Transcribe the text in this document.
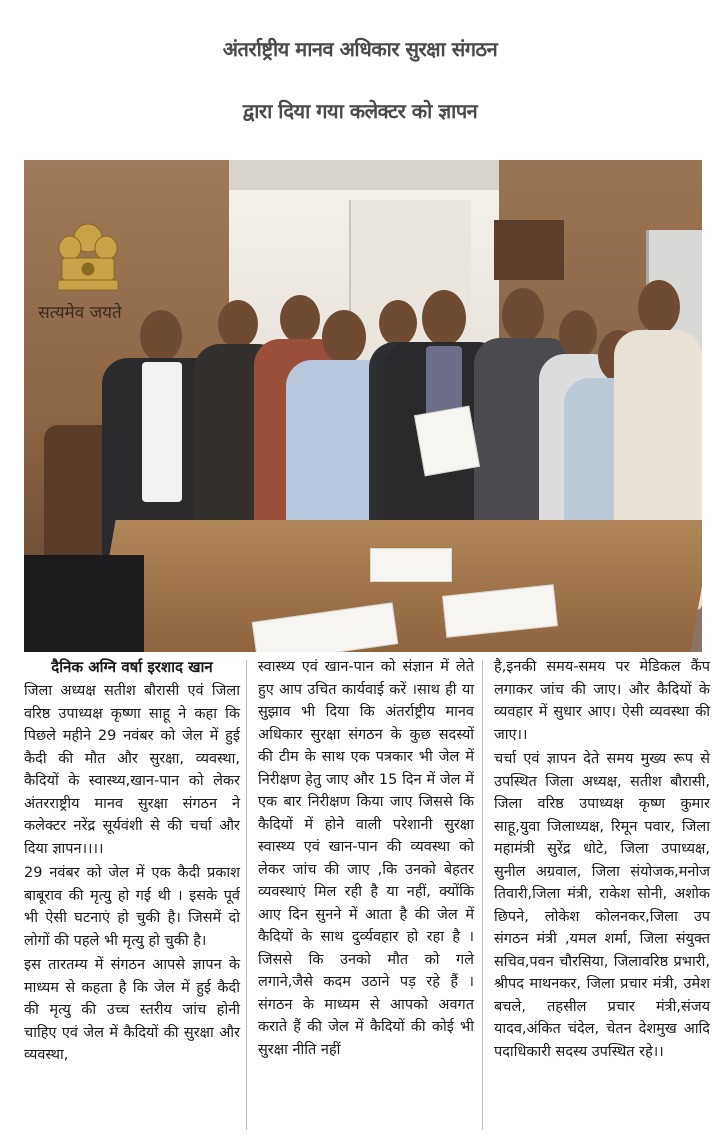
अंतर्राष्ट्रीय मानव अधिकार सुरक्षा संगठन
द्वारा दिया गया कलेक्टर को ज्ञापन
सत्यमेव जयते

दैनिक अग्नि वर्षा इरशाद खान

जिला अध्यक्ष सतीश बौरासी एवं जिला वरिष्ठ उपाध्यक्ष कृष्णा साहू ने कहा कि पिछले महीने 29 नवंबर को जेल में हुई कैदी की मौत और सुरक्षा, व्यवस्था, कैदियों के स्वास्थ्य,खान-पान को लेकर अंतरराष्ट्रीय मानव सुरक्षा संगठन ने कलेक्टर नरेंद्र सूर्यवंशी से की चर्चा और दिया ज्ञापन।।।।

29 नवंबर को जेल में एक कैदी प्रकाश बाबूराव की मृत्यु हो गई थी । इसके पूर्व भी ऐसी घटनाएं हो चुकी है। जिसमें दो लोगों की पहले भी मृत्यु हो चुकी है।

इस तारतम्य में संगठन आपसे ज्ञापन के माध्यम से कहता है कि जेल में हुई कैदी की मृत्यु की उच्च स्तरीय जांच होनी चाहिए एवं जेल में कैदियों की सुरक्षा और व्यवस्था,

स्वास्थ्य एवं खान-पान को संज्ञान में लेते हुए आप उचित कार्यवाई करें ।साथ ही या सुझाव भी दिया कि अंतर्राष्ट्रीय मानव अधिकार सुरक्षा संगठन के कुछ सदस्यों की टीम के साथ एक पत्रकार भी जेल में निरीक्षण हेतु जाए और 15 दिन में जेल में एक बार निरीक्षण किया जाए जिससे कि कैदियों में होने वाली परेशानी सुरक्षा स्वास्थ्य एवं खान-पान की व्यवस्था को लेकर जांच की जाए ,कि उनको बेहतर व्यवस्थाएं मिल रही है या नहीं, क्योंकि आए दिन सुनने में आता है की जेल में कैदियों के साथ दुर्व्यवहार हो रहा है ।जिससे कि उनको मौत को गले लगाने,जैसे कदम उठाने पड़ रहे हैं । संगठन के माध्यम से आपको अवगत कराते हैं की जेल में कैदियों की कोई भी सुरक्षा नीति नहीं

है,इनकी समय-समय पर मेडिकल कैंप लगाकर जांच की जाए। और कैदियों के व्यवहार में सुधार आए। ऐसी व्यवस्था की जाए।।

चर्चा एवं ज्ञापन देते समय मुख्य रूप से उपस्थित जिला अध्यक्ष, सतीश बौरासी, जिला वरिष्ठ उपाध्यक्ष कृष्ण कुमार साहू,युवा जिलाध्यक्ष, रिमून पवार, जिला महामंत्री सुरेंद्र धोटे, जिला उपाध्यक्ष, सुनील अग्रवाल, जिला संयोजक,मनोज तिवारी,जिला मंत्री, राकेश सोनी, अशोक छिपने, लोकेश कोलनकर,जिला उप संगठन मंत्री ,यमल शर्मा, जिला संयुक्त सचिव,पवन चौरसिया, जिलावरिष्ठ प्रभारी, श्रीपद माथनकर, जिला प्रचार मंत्री, उमेश बचले, तहसील प्रचार मंत्री,संजय यादव,अंकित चंदेल, चेतन देशमुख आदि पदाधिकारी सदस्य उपस्थित रहे।।
